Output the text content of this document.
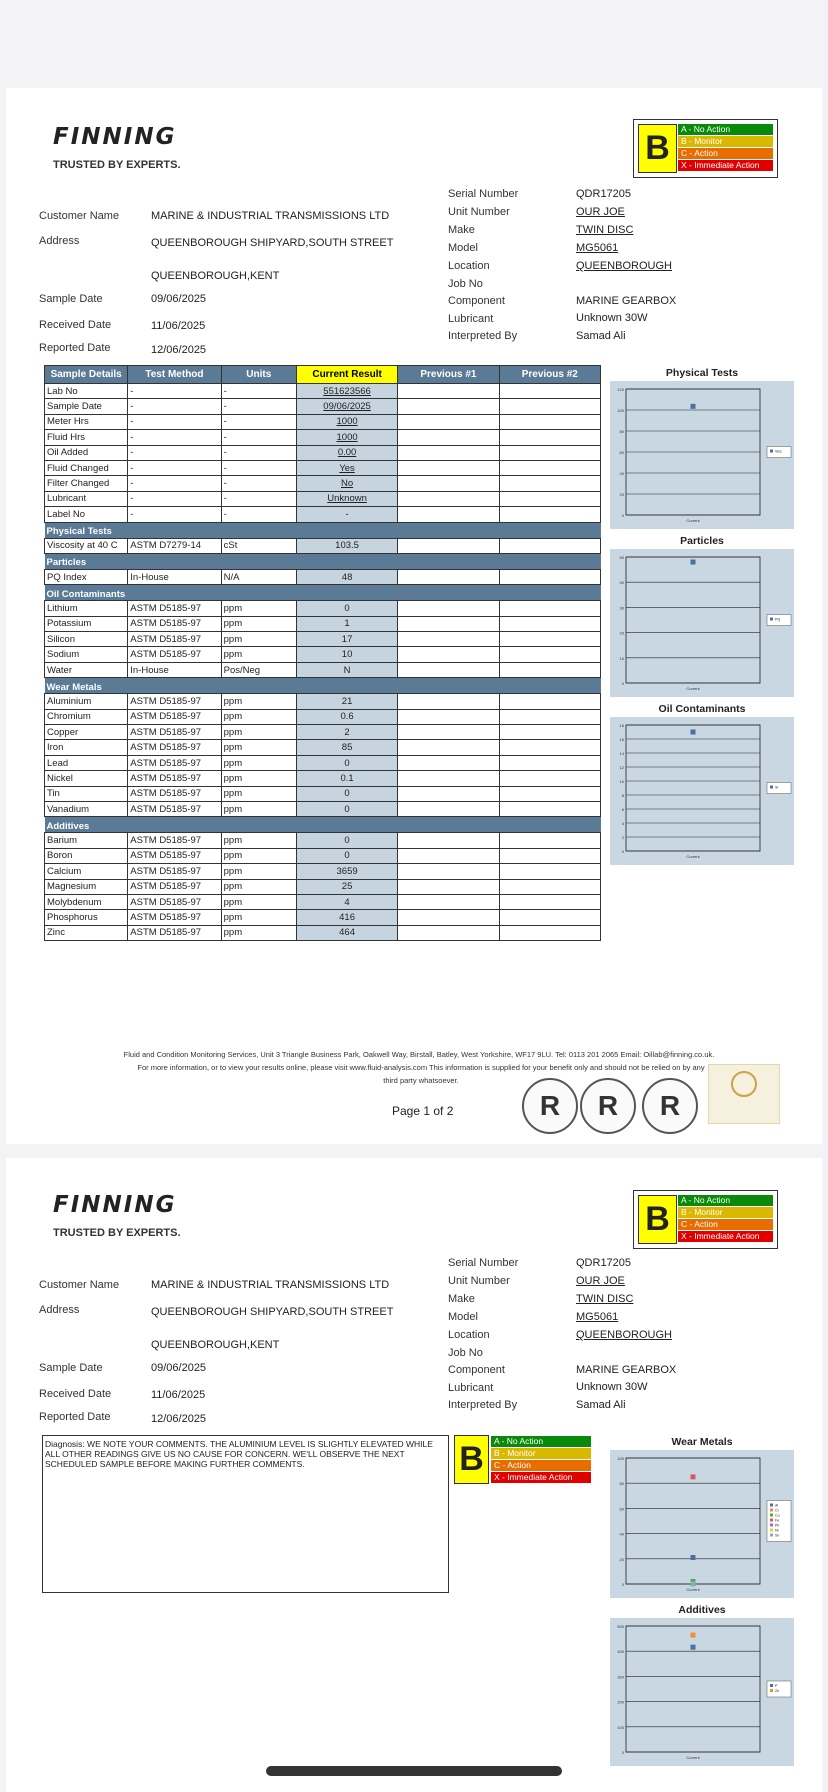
FINNING
TRUSTED BY EXPERTS.	B	A - No Action
B - Monitor
C - Action
X - Immediate Action
Customer Name	MARINE & INDUSTRIAL TRANSMISSIONS LTD
Address	QUEENBOROUGH SHIPYARD,SOUTH STREET
QUEENBOROUGH,KENT
Sample Date	09/06/2025
Received Date	11/06/2025
Reported Date	12/06/2025
Serial Number	QDR17205
Unit Number	OUR JOE
Make	TWIN DISC
Model	MG5061
Location	QUEENBOROUGH
Job No
Component	MARINE GEARBOX
Lubricant	Unknown 30W
Interpreted By	Samad Ali
Sample Details	Test Method	Units	Current Result	Previous #1	Previous #2
Lab No	-	-	551623566		
Sample Date	-	-	09/06/2025		
Meter Hrs	-	-	1000		
Fluid Hrs	-	-	1000		
Oil Added	-	-	0.00		
Fluid Changed	-	-	Yes		
Filter Changed	-	-	No		
Lubricant	-	-	Unknown		
Label No	-	-	-		
Physical Tests					
Viscosity at 40 C	ASTM D7279-14	cSt	103.5		
Particles					
PQ Index	In-House	N/A	48		
Oil Contaminants					
Lithium	ASTM D5185-97	ppm	0		
Potassium	ASTM D5185-97	ppm	1		
Silicon	ASTM D5185-97	ppm	17		
Sodium	ASTM D5185-97	ppm	10		
Water	In-House	Pos/Neg	N		
Wear Metals					
Aluminium	ASTM D5185-97	ppm	21		
Chromium	ASTM D5185-97	ppm	0.6		
Copper	ASTM D5185-97	ppm	2		
Iron	ASTM D5185-97	ppm	85		
Lead	ASTM D5185-97	ppm	0		
Nickel	ASTM D5185-97	ppm	0.1		
Tin	ASTM D5185-97	ppm	0		
Vanadium	ASTM D5185-97	ppm	0		
Additives					
Barium	ASTM D5185-97	ppm	0		
Boron	ASTM D5185-97	ppm	0		
Calcium	ASTM D5185-97	ppm	3659		
Magnesium	ASTM D5185-97	ppm	25		
Molybdenum	ASTM D5185-97	ppm	4		
Phosphorus	ASTM D5185-97	ppm	416		
Zinc	ASTM D5185-97	ppm	464		
Physical Tests
0
20
40
60
80
100
120
Current
Visc
Particles
0
10
20
30
40
50
Current
PQ
Oil Contaminants
0
2
4
6
8
10
12
14
16
18
Current
Si
Fluid and Condition Monitoring Services, Unit 3 Triangle Business Park, Oakwell Way, Birstall, Batley, West Yorkshire, WF17 9LU. Tel: 0113 201 2065 Email: Oillab@finning.co.uk.
For more information, or to view your results online, please visit www.fluid-analysis.com This information is supplied for your benefit only and should not be relied on by any
third party whatsoever.
Page 1 of 2	R	R	R
FINNING
TRUSTED BY EXPERTS.	B	A - No Action
B - Monitor
C - Action
X - Immediate Action
Customer Name	MARINE & INDUSTRIAL TRANSMISSIONS LTD
Address	QUEENBOROUGH SHIPYARD,SOUTH STREET
QUEENBOROUGH,KENT
Sample Date	09/06/2025
Received Date	11/06/2025
Reported Date	12/06/2025
Serial Number	QDR17205
Unit Number	OUR JOE
Make	TWIN DISC
Model	MG5061
Location	QUEENBOROUGH
Job No
Component	MARINE GEARBOX
Lubricant	Unknown 30W
Interpreted By	Samad Ali
Diagnosis: WE NOTE YOUR COMMENTS. THE ALUMINIUM LEVEL IS SLIGHTLY ELEVATED WHILE ALL OTHER READINGS GIVE US NO CAUSE FOR CONCERN. WE'LL OBSERVE THE NEXT SCHEDULED SAMPLE BEFORE MAKING FURTHER COMMENTS.	B	A - No Action
B - Monitor
C - Action
X - Immediate Action
Wear Metals
0
20
40
60
80
100
Current
Al
Cr
Cu
Fe
Pb
Ni
Sn
Additives
0
100
200
300
400
500
Current
P
Zn
